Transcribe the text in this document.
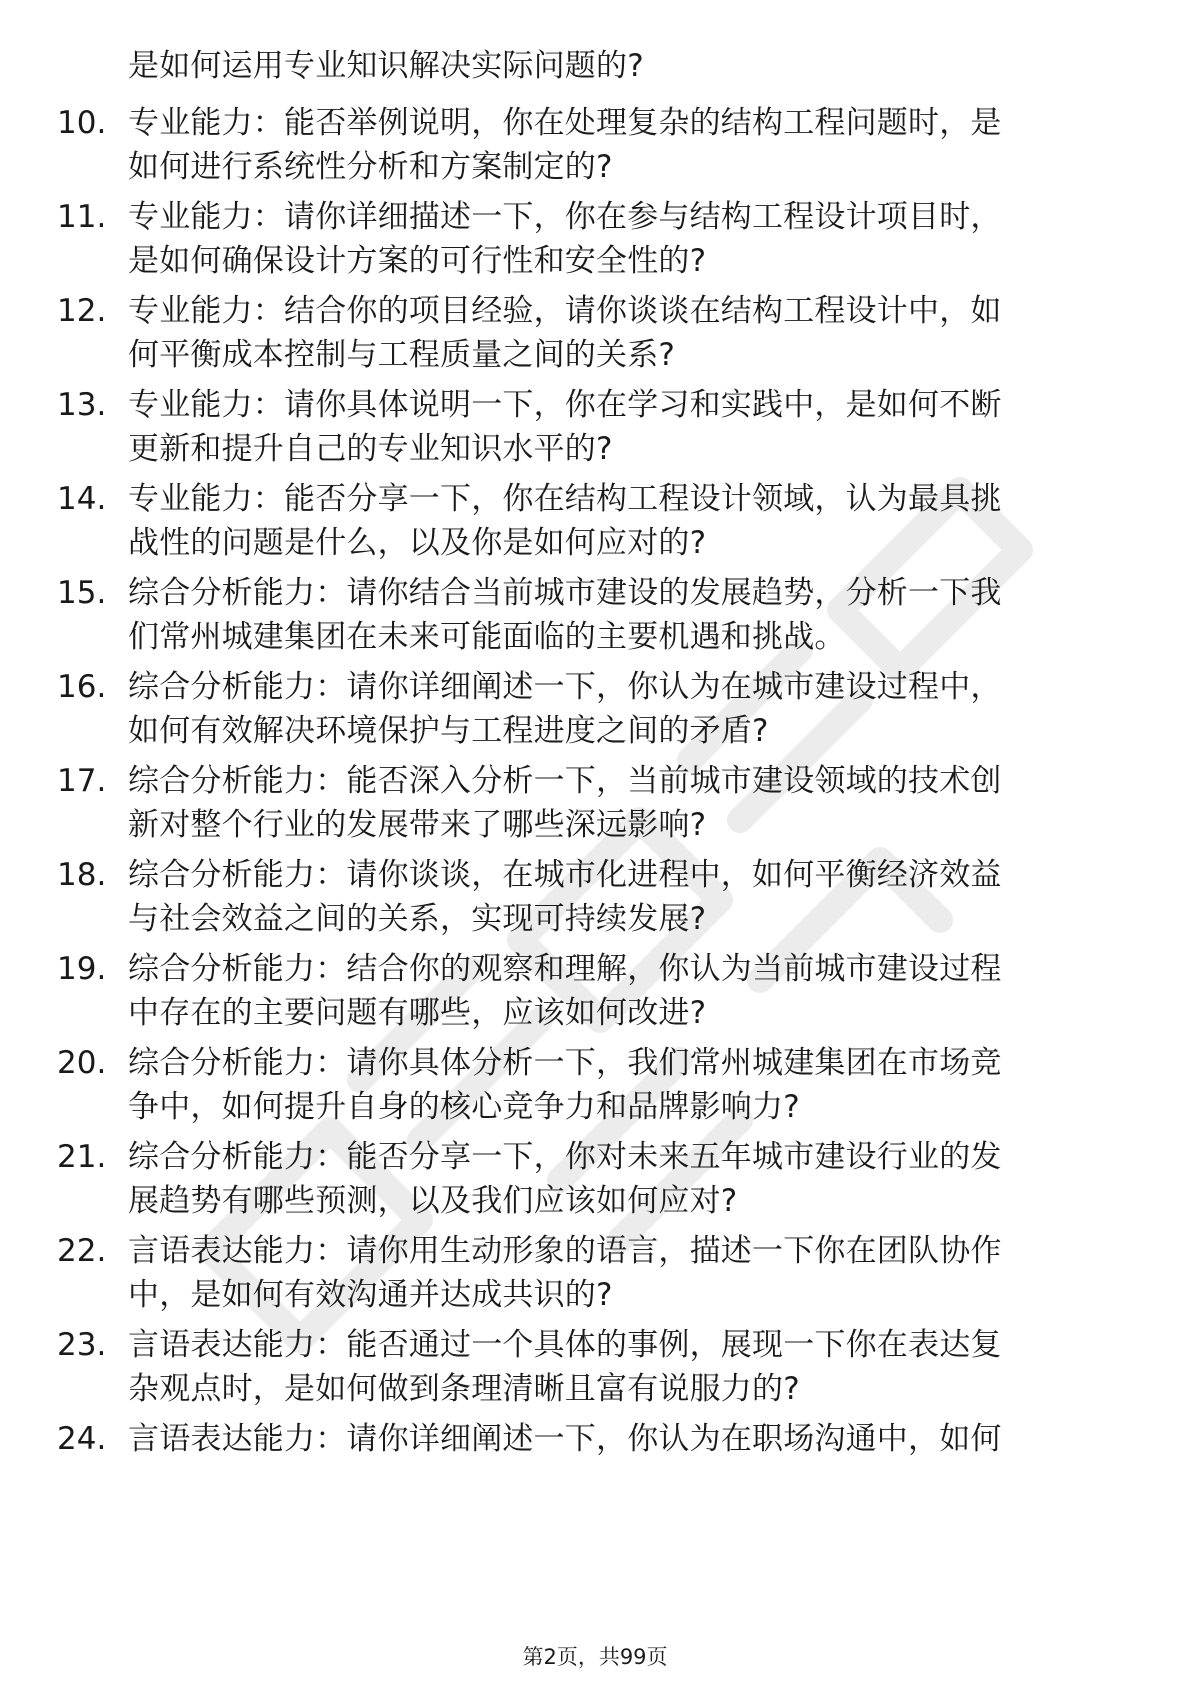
是如何运用专业知识解决实际问题的?
10. 专业能力：能否举例说明，你在处理复杂的结构工程问题时，是
如何进行系统性分析和方案制定的?
11. 专业能力：请你详细描述一下，你在参与结构工程设计项目时，
是如何确保设计方案的可行性和安全性的?
12. 专业能力：结合你的项目经验，请你谈谈在结构工程设计中，如
何平衡成本控制与工程质量之间的关系?
13. 专业能力：请你具体说明一下，你在学习和实践中，是如何不断
更新和提升自己的专业知识水平的?
14. 专业能力：能否分享一下，你在结构工程设计领域，认为最具挑
战性的问题是什么，以及你是如何应对的?
15. 综合分析能力：请你结合当前城市建设的发展趋势，分析一下我
们常州城建集团在未来可能面临的主要机遇和挑战。
16. 综合分析能力：请你详细阐述一下，你认为在城市建设过程中，
如何有效解决环境保护与工程进度之间的矛盾?
17. 综合分析能力：能否深入分析一下，当前城市建设领域的技术创
新对整个行业的发展带来了哪些深远影响?
18. 综合分析能力：请你谈谈，在城市化进程中，如何平衡经济效益
与社会效益之间的关系，实现可持续发展?
19. 综合分析能力：结合你的观察和理解，你认为当前城市建设过程
中存在的主要问题有哪些，应该如何改进?
20. 综合分析能力：请你具体分析一下，我们常州城建集团在市场竞
争中，如何提升自身的核心竞争力和品牌影响力?
21. 综合分析能力：能否分享一下，你对未来五年城市建设行业的发
展趋势有哪些预测，以及我们应该如何应对?
22. 言语表达能力：请你用生动形象的语言，描述一下你在团队协作
中，是如何有效沟通并达成共识的?
23. 言语表达能力：能否通过一个具体的事例，展现一下你在表达复
杂观点时，是如何做到条理清晰且富有说服力的?
24. 言语表达能力：请你详细阐述一下，你认为在职场沟通中，如何
第2页，共99页
